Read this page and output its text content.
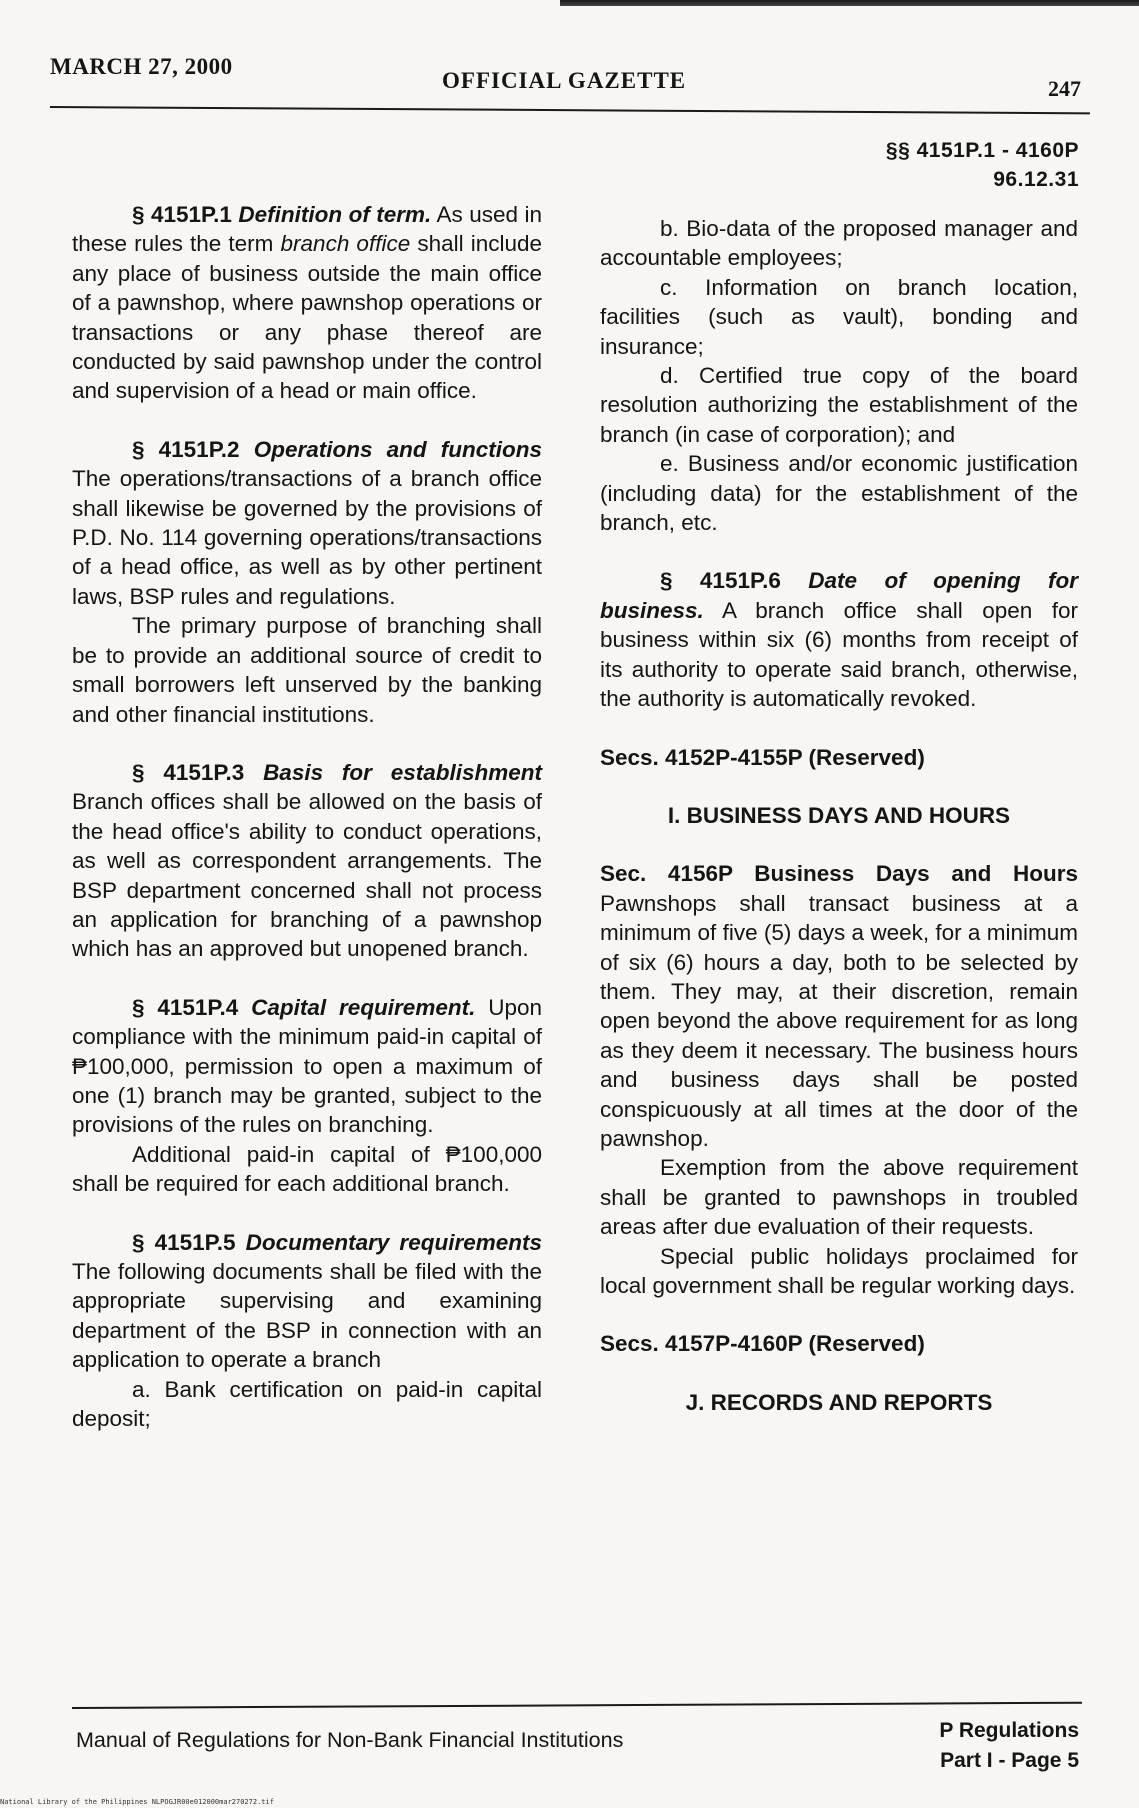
MARCH 27, 2000
OFFICIAL GAZETTE	247
§§ 4151P.1 - 4160P
96.12.31

§ 4151P.1 Definition of term. As used in these rules the term branch office shall include any place of business outside the main office of a pawnshop, where pawnshop operations or transactions or any phase thereof are conducted by said pawnshop under the control and supervision of a head or main office.

§ 4151P.2 Operations and functions The operations/transactions of a branch office shall likewise be governed by the provisions of P.D. No. 114 governing operations/transactions of a head office, as well as by other pertinent laws, BSP rules and regulations.

The primary purpose of branching shall be to provide an additional source of credit to small borrowers left unserved by the banking and other financial institutions.

§ 4151P.3 Basis for establishment Branch offices shall be allowed on the basis of the head office's ability to conduct operations, as well as correspondent arrangements. The BSP department concerned shall not process an application for branching of a pawnshop which has an approved but unopened branch.

§ 4151P.4 Capital requirement. Upon compliance with the minimum paid-in capital of ₱100,000, permission to open a maximum of one (1) branch may be granted, subject to the provisions of the rules on branching.

Additional paid-in capital of ₱100,000 shall be required for each additional branch.

§ 4151P.5 Documentary requirements The following documents shall be filed with the appropriate supervising and examining department of the BSP in connection with an application to operate a branch

a. Bank certification on paid-in capital deposit;

b. Bio-data of the proposed manager and accountable employees;

c. Information on branch location, facilities (such as vault), bonding and insurance;

d. Certified true copy of the board resolution authorizing the establishment of the branch (in case of corporation); and

e. Business and/or economic justification (including data) for the establishment of the branch, etc.

§ 4151P.6 Date of opening for business. A branch office shall open for business within six (6) months from receipt of its authority to operate said branch, otherwise, the authority is automatically revoked.

Secs. 4152P-4155P (Reserved)

I. BUSINESS DAYS AND HOURS

Sec. 4156P Business Days and Hours Pawnshops shall transact business at a minimum of five (5) days a week, for a minimum of six (6) hours a day, both to be selected by them. They may, at their discretion, remain open beyond the above requirement for as long as they deem it necessary. The business hours and business days shall be posted conspicuously at all times at the door of the pawnshop.

Exemption from the above requirement shall be granted to pawnshops in troubled areas after due evaluation of their requests.

Special public holidays proclaimed for local government shall be regular working days.

Secs. 4157P-4160P (Reserved)

J. RECORDS AND REPORTS

Manual of Regulations for Non-Bank Financial Institutions	P Regulations
Part I - Page 5
National Library of the Philippines NLPOGJR00e012000mar270272.tif
